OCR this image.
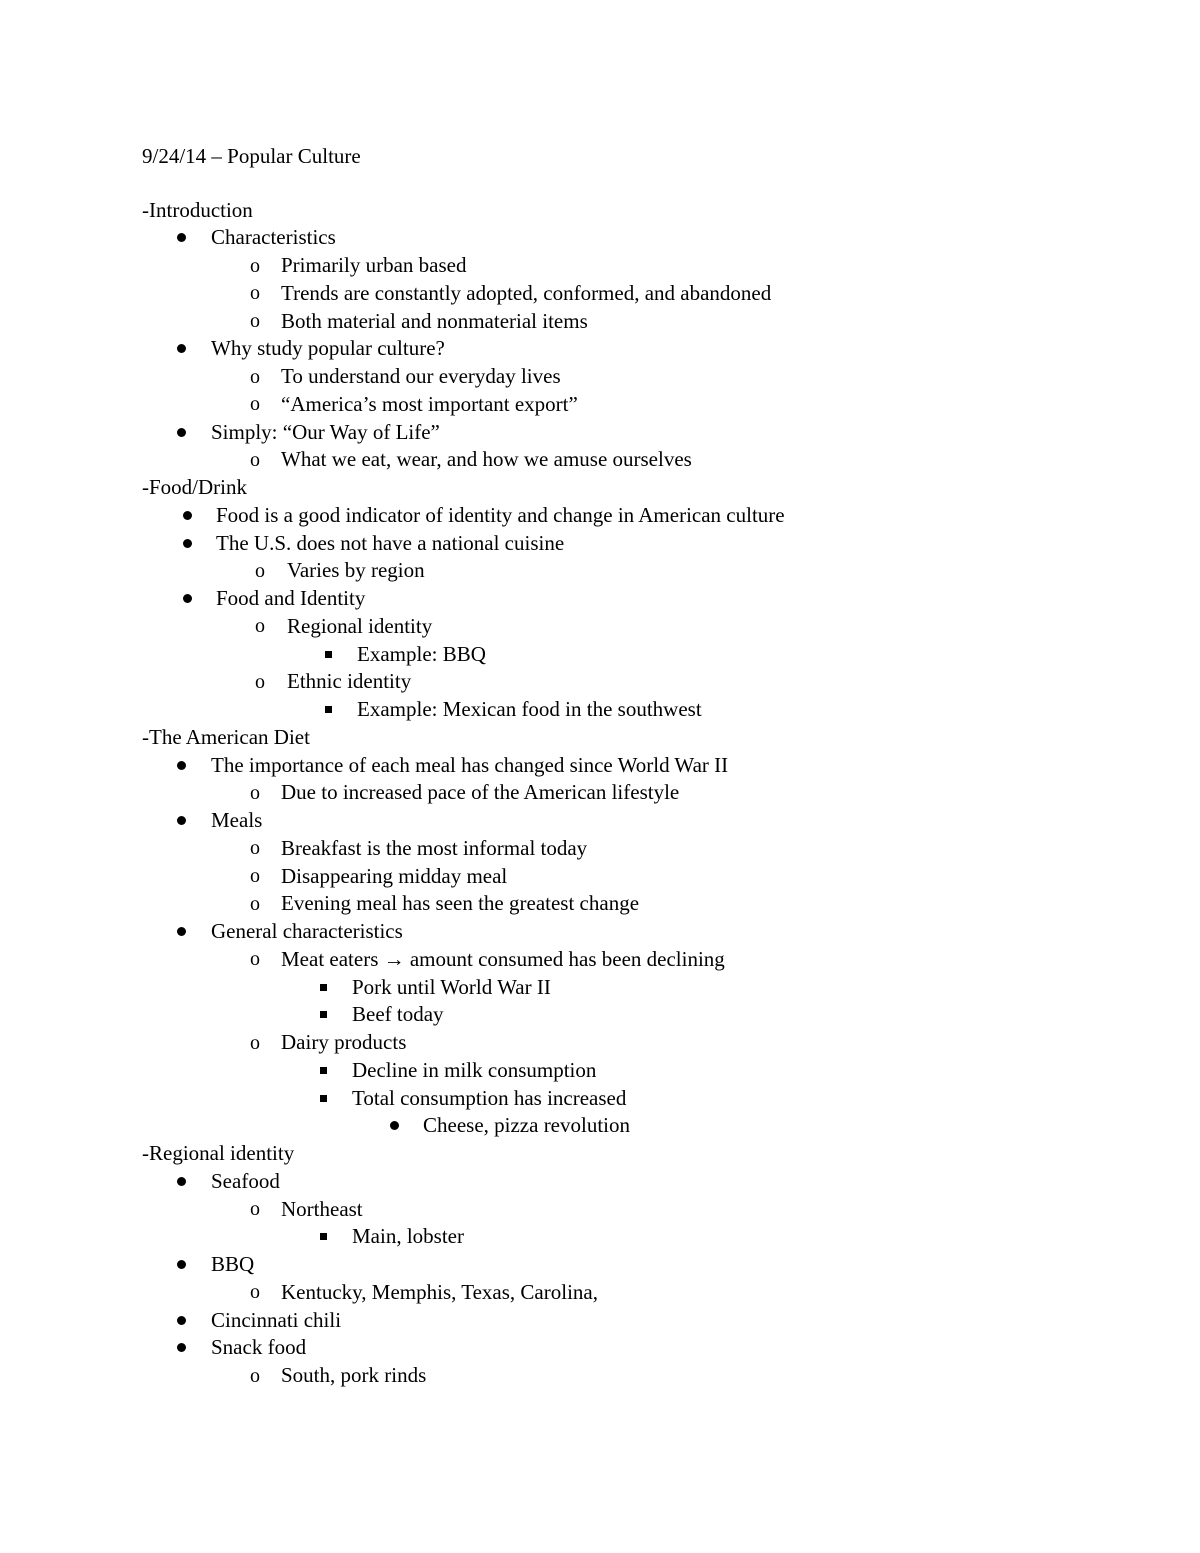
9/24/14 – Popular Culture
-Introduction
Characteristics
o Primarily urban based
o Trends are constantly adopted, conformed, and abandoned
o Both material and nonmaterial items
Why study popular culture?
o To understand our everyday lives
o “America’s most important export”
Simply: “Our Way of Life”
o What we eat, wear, and how we amuse ourselves
-Food/Drink
Food is a good indicator of identity and change in American culture
The U.S. does not have a national cuisine
o Varies by region
Food and Identity
o Regional identity
Example: BBQ
o Ethnic identity
Example: Mexican food in the southwest
-The American Diet
The importance of each meal has changed since World War II
o Due to increased pace of the American lifestyle
Meals
o Breakfast is the most informal today
o Disappearing midday meal
o Evening meal has seen the greatest change
General characteristics
o Meat eaters → amount consumed has been declining
Pork until World War II
Beef today
o Dairy products
Decline in milk consumption
Total consumption has increased
Cheese, pizza revolution
-Regional identity
Seafood
o Northeast
Main, lobster
BBQ
o Kentucky, Memphis, Texas, Carolina,
Cincinnati chili
Snack food
o South, pork rinds
